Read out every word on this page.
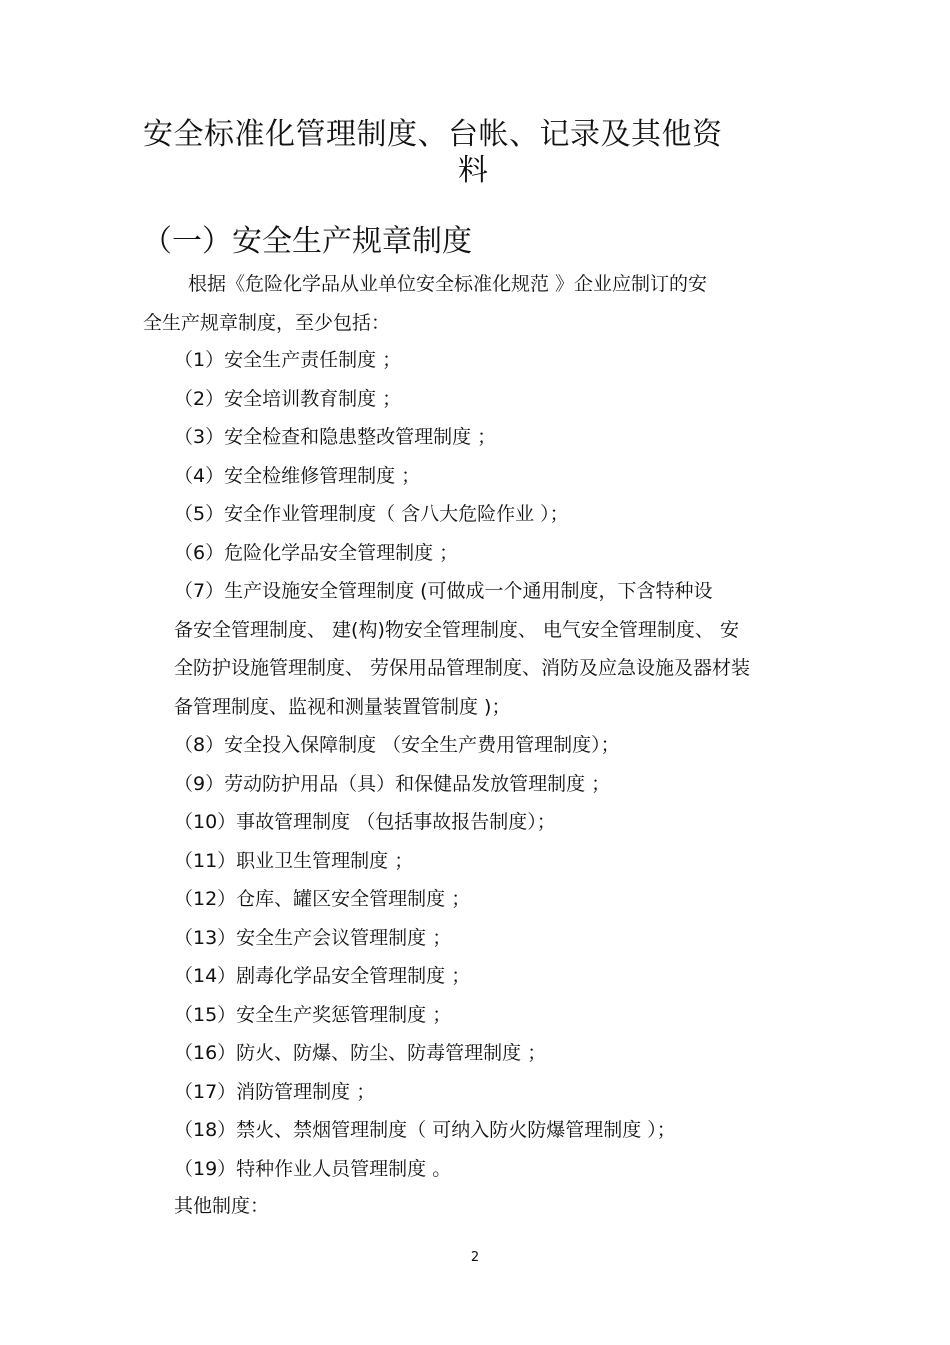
安全标准化管理制度、台帐、记录及其他资
料
（一）安全生产规章制度
根据《危险化学品从业单位安全标准化规范 》企业应制订的安
全生产规章制度，至少包括：
（1）安全生产责任制度 ；
（2）安全培训教育制度 ；
（3）安全检查和隐患整改管理制度 ；
（4）安全检维修管理制度 ；
（5）安全作业管理制度（ 含八大危险作业 ）；
（6）危险化学品安全管理制度 ；
（7）生产设施安全管理制度 (可做成一个通用制度，下含特种设
备安全管理制度、 建(构)物安全管理制度、 电气安全管理制度、 安
全防护设施管理制度、 劳保用品管理制度、消防及应急设施及器材装
备管理制度、监视和测量装置管制度 )；
（8）安全投入保障制度 （安全生产费用管理制度）；
（9）劳动防护用品（具）和保健品发放管理制度 ；
（10）事故管理制度 （包括事故报告制度）；
（11）职业卫生管理制度 ；
（12）仓库、罐区安全管理制度 ；
（13）安全生产会议管理制度 ；
（14）剧毒化学品安全管理制度 ；
（15）安全生产奖惩管理制度 ；
（16）防火、防爆、防尘、防毒管理制度 ；
（17）消防管理制度 ；
（18）禁火、禁烟管理制度（ 可纳入防火防爆管理制度 ）；
（19）特种作业人员管理制度 。
其他制度：
2
